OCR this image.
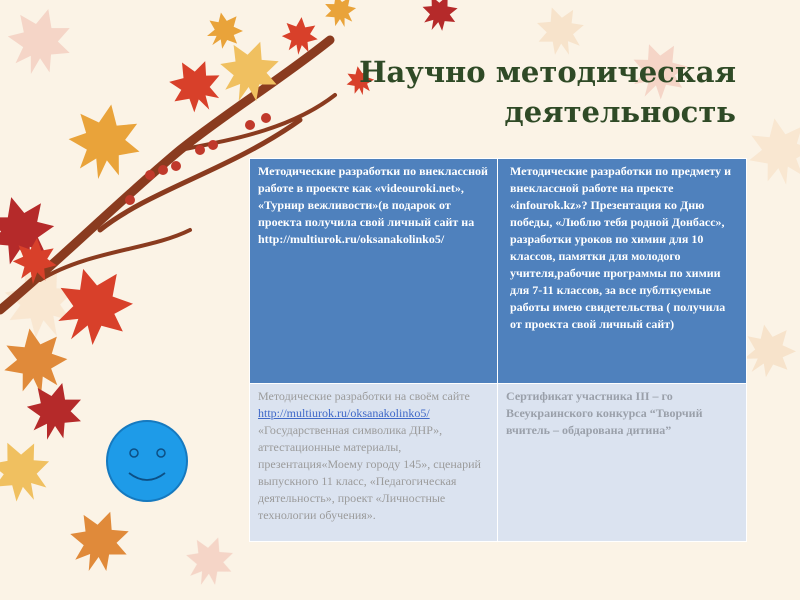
Научно методическая
деятельность
Методические разработки по внеклассной работе в проекте как «videouroki.net», «Турнир вежливости»(в подарок от проекта получила свой личный сайт на http://multiurok.ru/oksanakolinko5/	Методические разработки по предмету и внеклассной работе на пректе «infourok.kz»? Презентация ко Дню победы, «Люблю тебя родной Донбасс», разработки уроков по химии для 10 классов, памятки для молодого учителя,рабочие программы по химии для 7-11 классов, за все публткуемые работы имею свидетельства ( получила от проекта свой личный сайт)
Методические разработки на своём сайте http://multiurok.ru/oksanakolinko5/ «Государственная символика ДНР», аттестационные материалы, презентация«Моему городу 145», сценарий выпускного 11 класс, «Педагогическая деятельность», проект «Личностные технологии обучения».	Сертификат участника III – го Всеукраинского конкурса “Творчий вчитель – обдарована дитина”
